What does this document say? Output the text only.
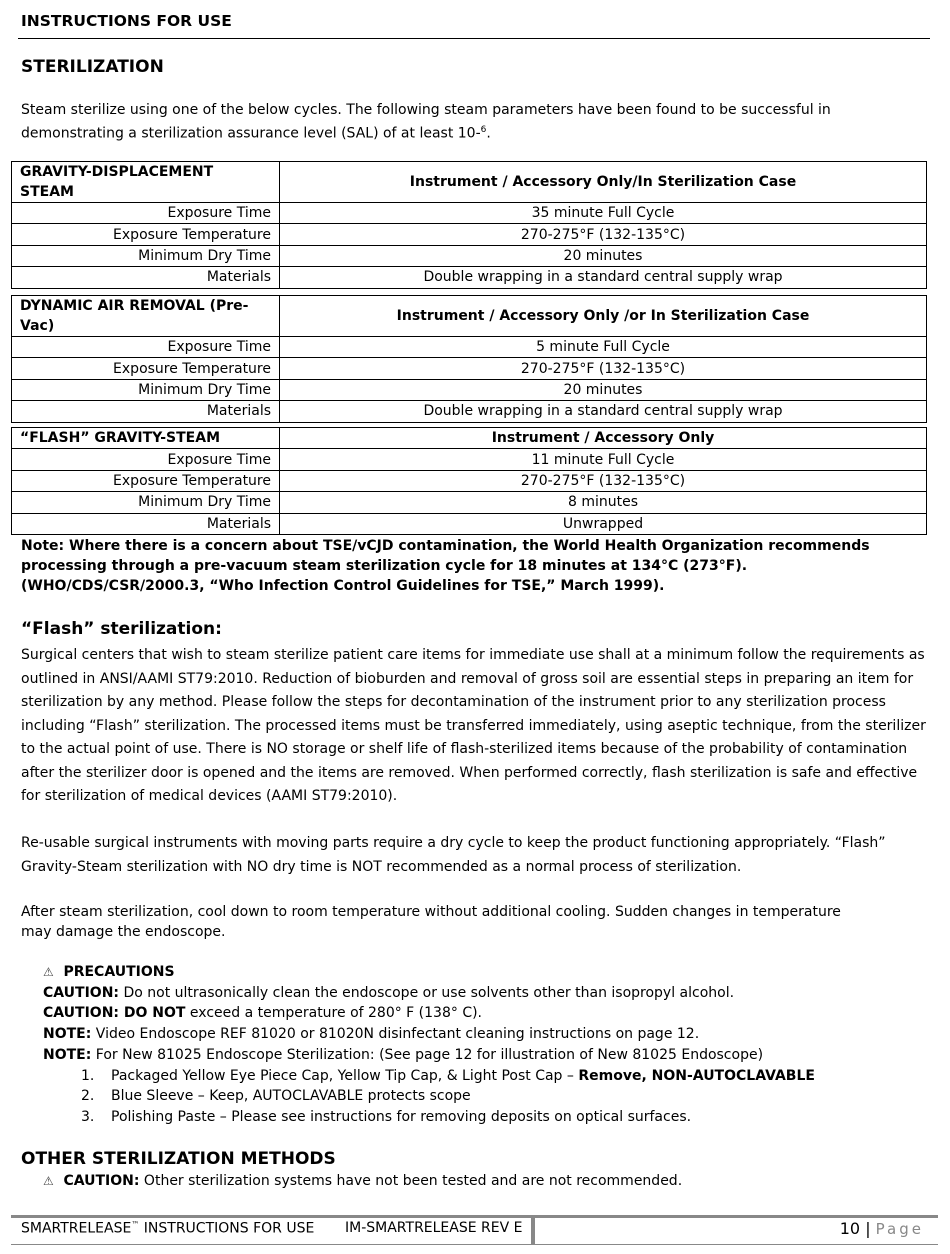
INSTRUCTIONS FOR USE
STERILIZATION
Steam sterilize using one of the below cycles. The following steam parameters have been found to be successful in demonstrating a sterilization assurance level (SAL) of at least 10-$^6$.
GRAVITY-DISPLACEMENT STEAM	Instrument / Accessory Only/In Sterilization Case
Exposure Time	35 minute Full Cycle
Exposure Temperature	270-275°F (132-135°C)
Minimum Dry Time	20 minutes
Materials	Double wrapping in a standard central supply wrap
DYNAMIC AIR REMOVAL (Pre-Vac)	Instrument / Accessory Only /or In Sterilization Case
Exposure Time	5 minute Full Cycle
Exposure Temperature	270-275°F (132-135°C)
Minimum Dry Time	20 minutes
Materials	Double wrapping in a standard central supply wrap
“FLASH” GRAVITY-STEAM	Instrument / Accessory Only
Exposure Time	11 minute Full Cycle
Exposure Temperature	270-275°F (132-135°C)
Minimum Dry Time	8 minutes
Materials	Unwrapped
Note: Where there is a concern about TSE/vCJD contamination, the World Health Organization recommends processing through a pre-vacuum steam sterilization cycle for 18 minutes at 134°C (273°F). (WHO/CDS/CSR/2000.3, “Who Infection Control Guidelines for TSE,” March 1999).
“Flash” sterilization:
Surgical centers that wish to steam sterilize patient care items for immediate use shall at a minimum follow the requirements as outlined in ANSI/AAMI ST79:2010. Reduction of bioburden and removal of gross soil are essential steps in preparing an item for sterilization by any method. Please follow the steps for decontamination of the instrument prior to any sterilization process including “Flash” sterilization. The processed items must be transferred immediately, using aseptic technique, from the sterilizer to the actual point of use. There is NO storage or shelf life of flash-sterilized items because of the probability of contamination after the sterilizer door is opened and the items are removed. When performed correctly, flash sterilization is safe and effective for sterilization of medical devices (AAMI ST79:2010).
Re-usable surgical instruments with moving parts require a dry cycle to keep the product functioning appropriately. “Flash” Gravity-Steam sterilization with NO dry time is NOT recommended as a normal process of sterilization.
After steam sterilization, cool down to room temperature without additional cooling. Sudden changes in temperature
may damage the endoscope.
⚠ PRECAUTIONS
CAUTION: Do not ultrasonically clean the endoscope or use solvents other than isopropyl alcohol.
CAUTION: DO NOT exceed a temperature of 280° F (138° C).
NOTE: Video Endoscope REF 81020 or 81020N disinfectant cleaning instructions on page 12.
NOTE: For New 81025 Endoscope Sterilization: (See page 12 for illustration of New 81025 Endoscope)
1. Packaged Yellow Eye Piece Cap, Yellow Tip Cap, & Light Post Cap – Remove, NON-AUTOCLAVABLE
2. Blue Sleeve – Keep, AUTOCLAVABLE protects scope
3. Polishing Paste – Please see instructions for removing deposits on optical surfaces.
OTHER STERILIZATION METHODS
⚠ CAUTION: Other sterilization systems have not been tested and are not recommended.
SMARTRELEASE™ INSTRUCTIONS FOR USE IM-SMARTRELEASE REV E	10 | Page
